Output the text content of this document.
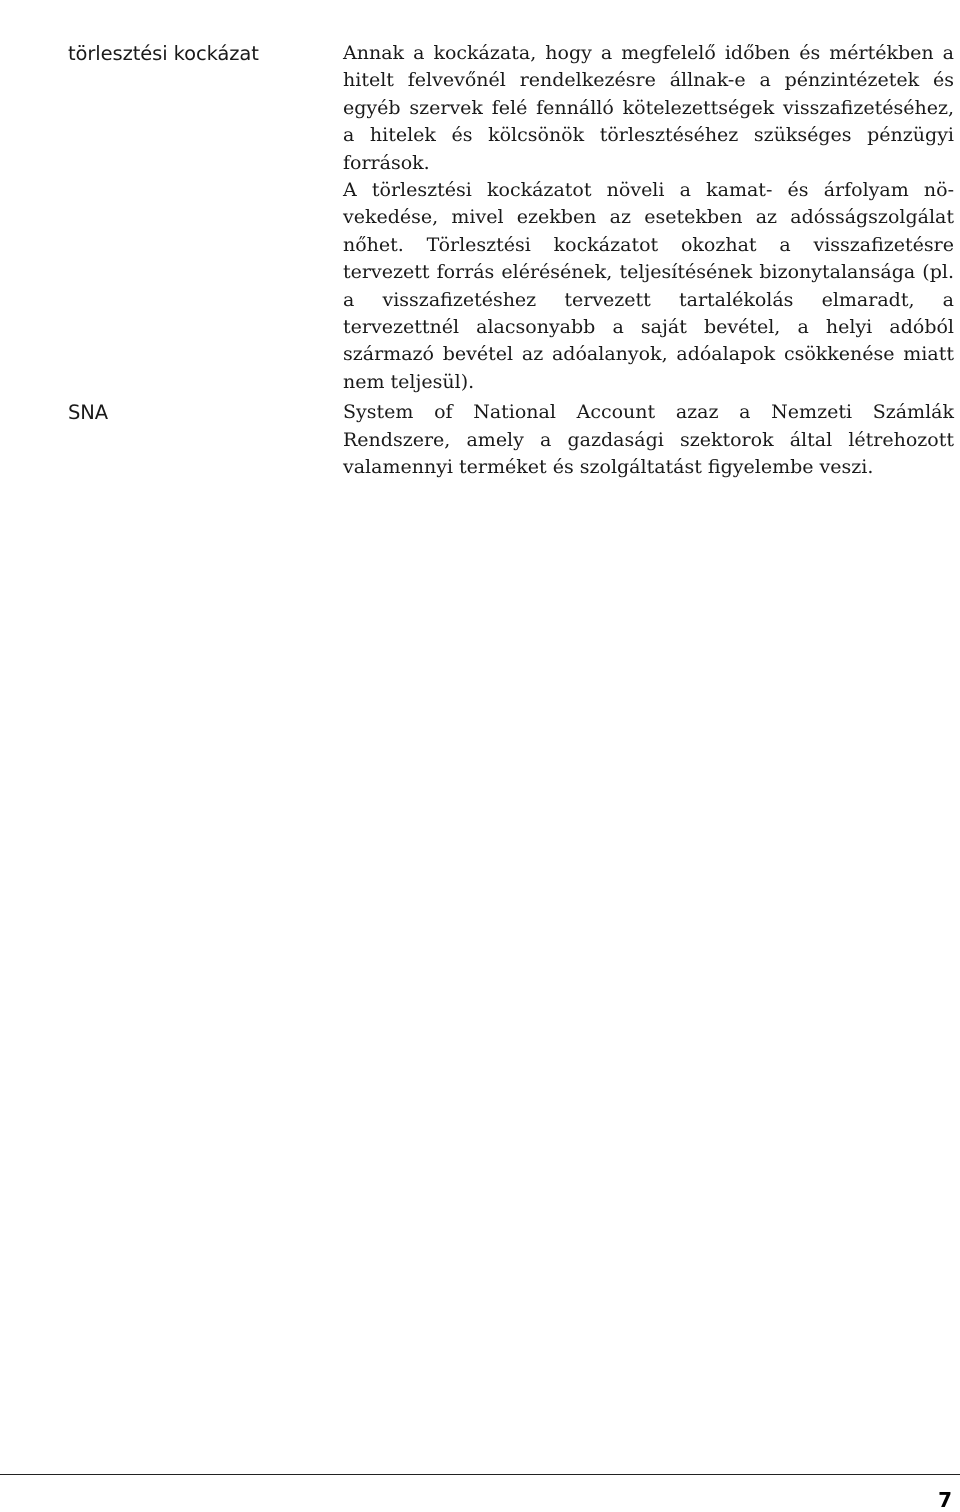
törlesztési kockázat	Annak a kockázata, hogy a megfelelő időben és mértékben a hitelt felvevőnél rendelkezésre állnak-e a pénzintézetek és egyéb szervek felé fennálló kötelezettségek visszafizetéséhez, a hitelek és kölcsönök törlesztéséhez szükséges pénzügyi források.

A törlesztési kockázatot növeli a kamat- és árfolyam növekedése, mivel ezekben az esetekben az adósságszolgálat nőhet. Törlesztési kockázatot okozhat a visszafizetésre tervezett forrás elérésének, teljesítésének bizonytalansága (pl. a visszafizetéshez tervezett tartalékolás elmaradt, a tervezettnél alacsonyabb a saját bevétel, a helyi adóból származó bevétel az adóalanyok, adóalapok csökkenése miatt nem teljesül).

SNA	System of National Account azaz a Nemzeti Számlák Rendszere, amely a gazdasági szektorok által létrehozott valamennyi terméket és szolgáltatást figyelembe veszi.

7
